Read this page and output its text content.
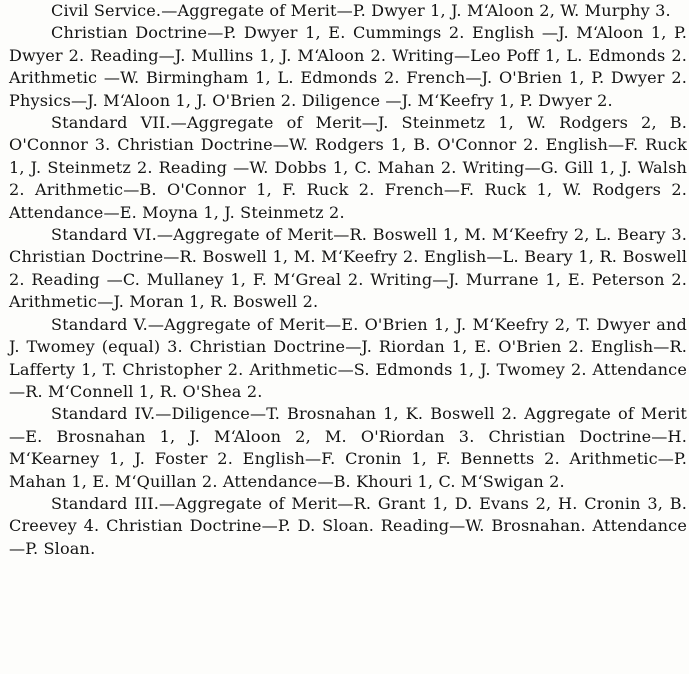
Civil Service.—Aggregate of Merit—P. Dwyer 1, J. M‘Aloon 2, W. Murphy 3.

Christian Doctrine—P. Dwyer 1, E. Cummings 2. English —J. M‘Aloon 1, P. Dwyer 2. Reading—J. Mullins 1, J. M‘Aloon 2. Writing—Leo Poff 1, L. Edmonds 2. Arithmetic —W. Birmingham 1, L. Edmonds 2. French—J. O'Brien 1, P. Dwyer 2. Physics—J. M‘Aloon 1, J. O'Brien 2. Diligence —J. M‘Keefry 1, P. Dwyer 2.

Standard VII.—Aggregate of Merit—J. Steinmetz 1, W. Rodgers 2, B. O'Connor 3. Christian Doctrine—W. Rodgers 1, B. O'Connor 2. English—F. Ruck 1, J. Steinmetz 2. Reading —W. Dobbs 1, C. Mahan 2. Writing—G. Gill 1, J. Walsh 2. Arithmetic—B. O'Connor 1, F. Ruck 2. French—F. Ruck 1, W. Rodgers 2. Attendance—E. Moyna 1, J. Steinmetz 2.

Standard VI.—Aggregate of Merit—R. Boswell 1, M. M‘Keefry 2, L. Beary 3. Christian Doctrine—R. Boswell 1, M. M‘Keefry 2. English—L. Beary 1, R. Boswell 2. Reading —C. Mullaney 1, F. M‘Greal 2. Writing—J. Murrane 1, E. Peterson 2. Arithmetic—J. Moran 1, R. Boswell 2.

Standard V.—Aggregate of Merit—E. O'Brien 1, J. M‘Keefry 2, T. Dwyer and J. Twomey (equal) 3. Christian Doctrine—J. Riordan 1, E. O'Brien 2. English—R. Lafferty 1, T. Christopher 2. Arithmetic—S. Edmonds 1, J. Twomey 2. Attendance—R. M‘Connell 1, R. O'Shea 2.

Standard IV.—Diligence—T. Brosnahan 1, K. Boswell 2. Aggregate of Merit—E. Brosnahan 1, J. M‘Aloon 2, M. O'Riordan 3. Christian Doctrine—H. M‘Kearney 1, J. Foster 2. English—F. Cronin 1, F. Bennetts 2. Arithmetic—P. Mahan 1, E. M‘Quillan 2. Attendance—B. Khouri 1, C. M‘Swigan 2.

Standard III.—Aggregate of Merit—R. Grant 1, D. Evans 2, H. Cronin 3, B. Creevey 4. Christian Doctrine—P. D. Sloan. Reading—W. Brosnahan. Attendance—P. Sloan.
